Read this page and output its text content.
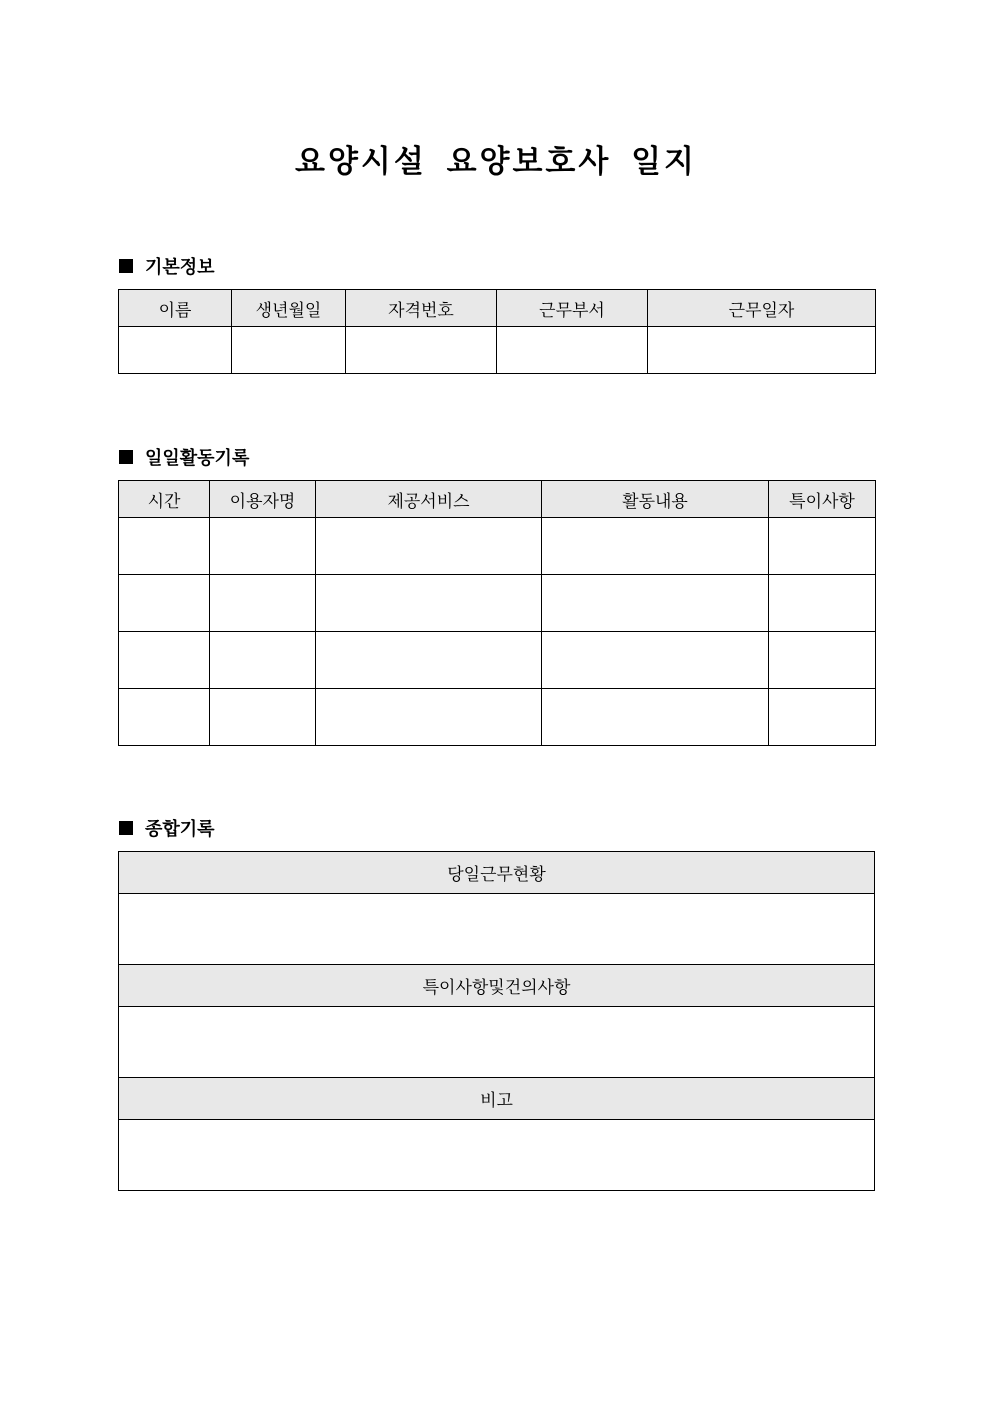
요양시설 요양보호사 일지
기본정보
이름	생년월일	자격번호	근무부서	근무일자

일일활동기록
시간	이용자명	제공서비스	활동내용	특이사항

종합기록
당일근무현황

특이사항및건의사항

비고
